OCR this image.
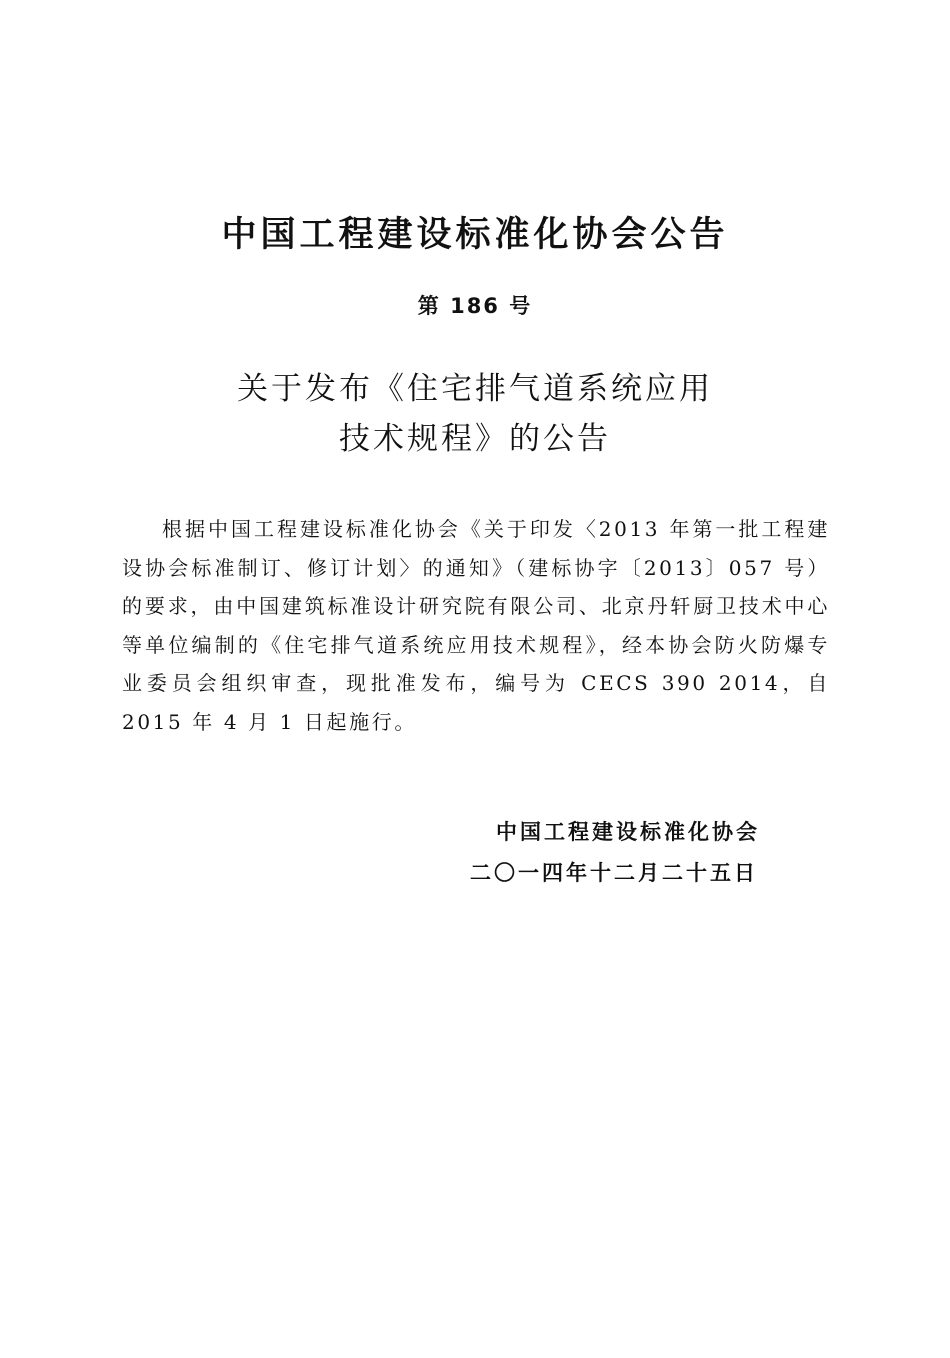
中国工程建设标准化协会公告
第 186 号
关于发布《住宅排气道系统应用
技术规程》的公告
根据中国工程建设标准化协会《关于印发〈2013 年第一批工程建设协会标准制订、修订计划〉的通知》（建标协字〔2013〕057 号）的要求，由中国建筑标准设计研究院有限公司、北京丹轩厨卫技术中心等单位编制的《住宅排气道系统应用技术规程》，经本协会防火防爆专业委员会组织审查，现批准发布，编号为 CECS 390 2014，自 2015 年 4 月 1 日起施行。
中国工程建设标准化协会
二〇一四年十二月二十五日
